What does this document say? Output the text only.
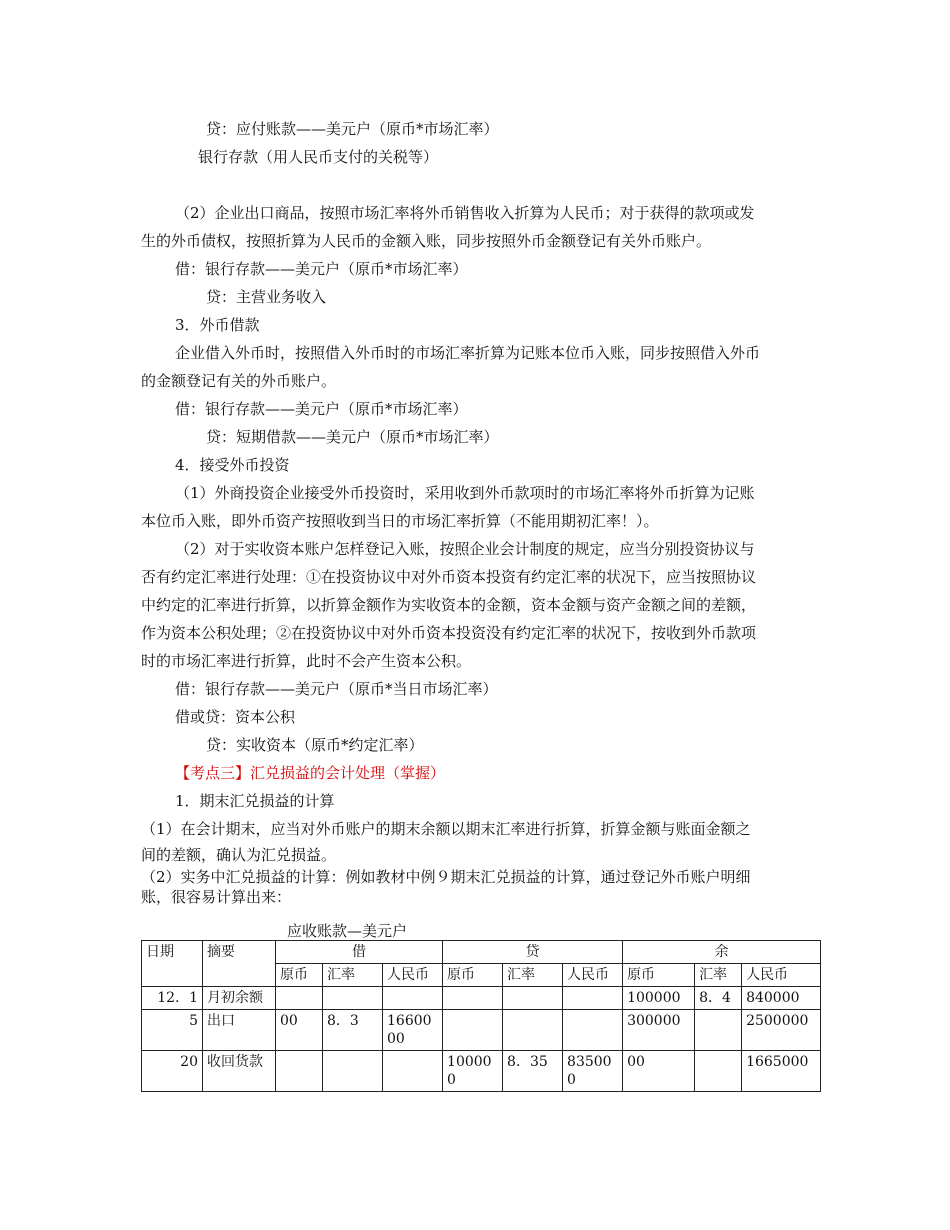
贷：应付账款——美元户（原币*市场汇率）
银行存款（用人民币支付的关税等）
（2）企业出口商品，按照市场汇率将外币销售收入折算为人民币；对于获得的款项或发
生的外币债权，按照折算为人民币的金额入账，同步按照外币金额登记有关外币账户。
借：银行存款——美元户（原币*市场汇率）
贷：主营业务收入
3．外币借款
企业借入外币时，按照借入外币时的市场汇率折算为记账本位币入账，同步按照借入外币
的金额登记有关的外币账户。
借：银行存款——美元户（原币*市场汇率）
贷：短期借款——美元户（原币*市场汇率）
4．接受外币投资
（1）外商投资企业接受外币投资时，采用收到外币款项时的市场汇率将外币折算为记账
本位币入账，即外币资产按照收到当日的市场汇率折算（不能用期初汇率！）。
（2）对于实收资本账户怎样登记入账，按照企业会计制度的规定，应当分别投资协议与
否有约定汇率进行处理：①在投资协议中对外币资本投资有约定汇率的状况下，应当按照协议
中约定的汇率进行折算，以折算金额作为实收资本的金额，资本金额与资产金额之间的差额，
作为资本公积处理；②在投资协议中对外币资本投资没有约定汇率的状况下，按收到外币款项
时的市场汇率进行折算，此时不会产生资本公积。
借：银行存款——美元户（原币*当日市场汇率）
借或贷：资本公积
贷：实收资本（原币*约定汇率）
【考点三】汇兑损益的会计处理（掌握）
1．期末汇兑损益的计算
（1）在会计期末，应当对外币账户的期末余额以期末汇率进行折算，折算金额与账面金额之
间的差额，确认为汇兑损益。
（2）实务中汇兑损益的计算：例如教材中例９期末汇兑损益的计算，通过登记外币账户明细
账，很容易计算出来：
应收账款—美元户
日期	摘要	借			贷			余		
		原币	汇率	人民币	原币	汇率	人民币	原币	汇率	人民币
12．1	月初余额							100000	8．4	840000
5	出口	00	8．3	1660000				300000		2500000
20	收回货款				100000	8．35	835000	00		1665000
